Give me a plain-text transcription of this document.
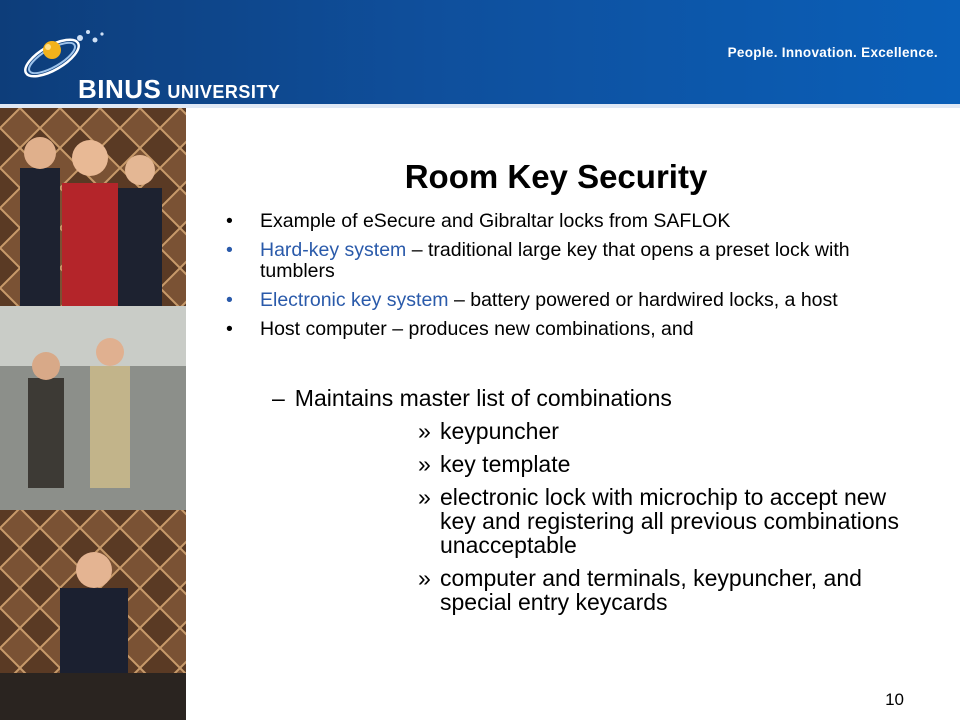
BINUS UNIVERSITY
People. Innovation. Excellence.
Room Key Security
• Example of eSecure and Gibraltar locks from SAFLOK
• Hard-key system – traditional large key that opens a preset lock with tumblers
• Electronic key system – battery powered or hardwired locks, a host
• Host computer – produces new combinations, and
– Maintains master list of combinations
» keypuncher
» key template
» electronic lock with microchip to accept new key and registering all previous combinations unacceptable
» computer and terminals, keypuncher, and special entry keycards
10
